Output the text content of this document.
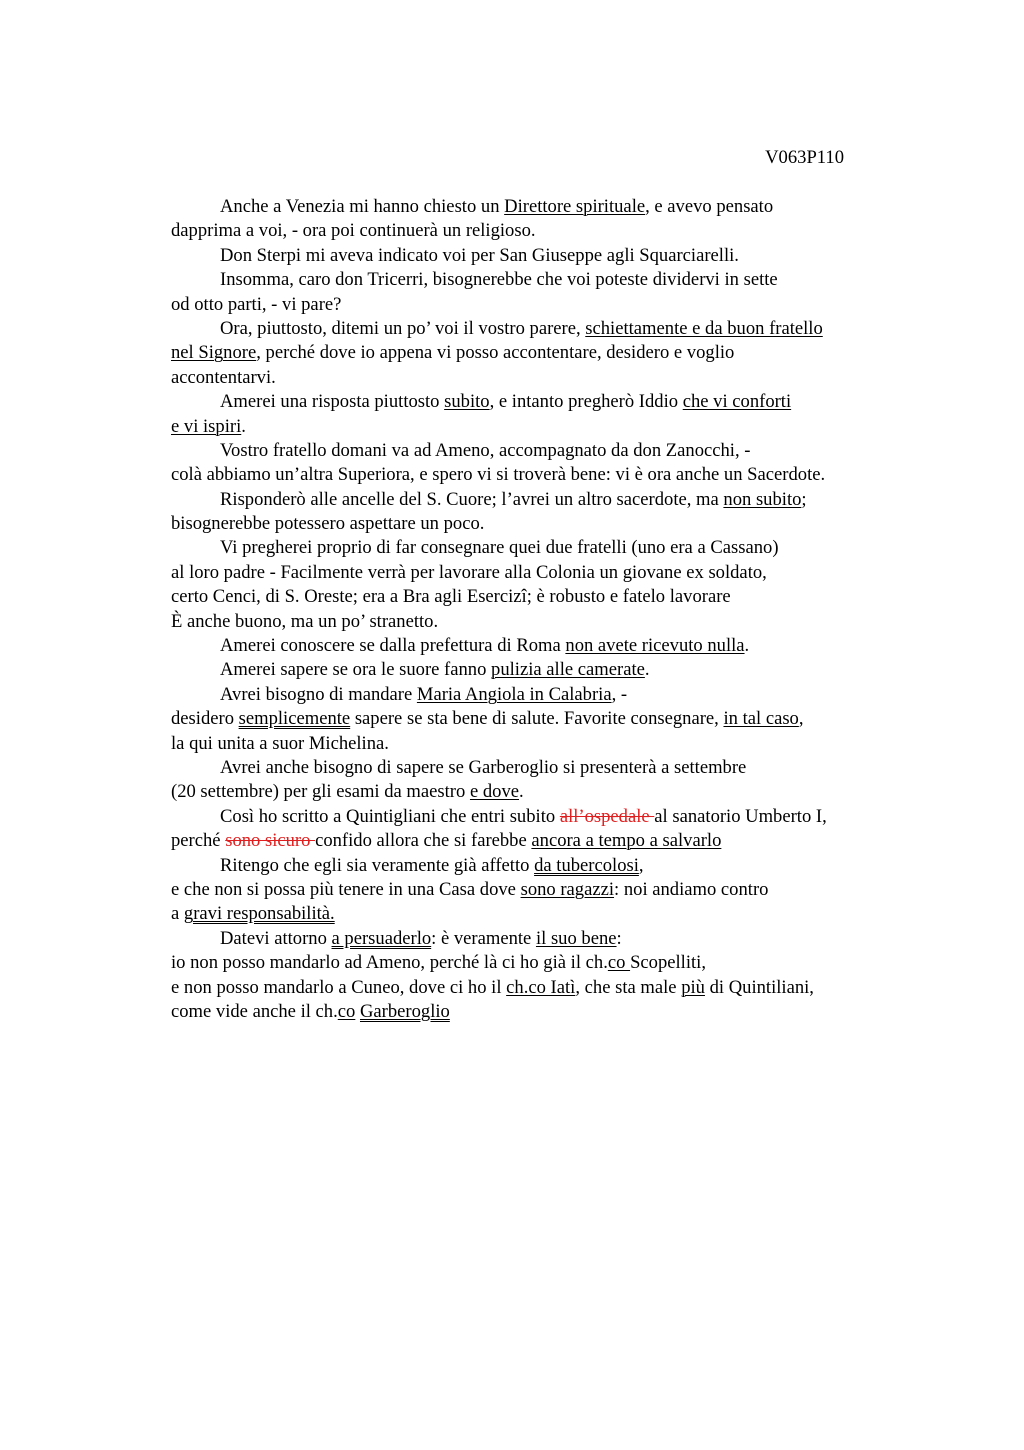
V063P110
Anche a Venezia mi hanno chiesto un Direttore spirituale, e avevo pensato
dapprima a voi, - ora poi continuerà un religioso.
Don Sterpi mi aveva indicato voi per San Giuseppe agli Squarciarelli.
Insomma, caro don Tricerri, bisognerebbe che voi poteste dividervi in sette
od otto parti, - vi pare?
Ora, piuttosto, ditemi un po’ voi il vostro parere, schiettamente e da buon fratello
nel Signore, perché dove io appena vi posso accontentare, desidero e voglio
accontentarvi.
Amerei una risposta piuttosto subito, e intanto pregherò Iddio che vi conforti
e vi ispiri.
Vostro fratello domani va ad Ameno, accompagnato da don Zanocchi, -
colà abbiamo un’altra Superiora, e spero vi si troverà bene: vi è ora anche un Sacerdote.
Risponderò alle ancelle del S. Cuore; l’avrei un altro sacerdote, ma non subito;
bisognerebbe potessero aspettare un poco.
Vi pregherei proprio di far consegnare quei due fratelli (uno era a Cassano)
al loro padre - Facilmente verrà per lavorare alla Colonia un giovane ex soldato,
certo Cenci, di S. Oreste; era a Bra agli Esercizi; è robusto e fatelo lavorare
È anche buono, ma un po’ stranetto.
Amerei conoscere se dalla prefettura di Roma non avete ricevuto nulla.
Amerei sapere se ora le suore fanno pulizia alle camerate.
Avrei bisogno di mandare Maria Angiola in Calabria, -
desidero semplicemente sapere se sta bene di salute. Favorite consegnare, in tal caso,
la qui unita a suor Michelina.
Avrei anche bisogno di sapere se Garberoglio si presenterà a settembre
(20 settembre) per gli esami da maestro e dove.
Così ho scritto a Quintigliani che entri subito all’ospedale al sanatorio Umberto I,
perché sono sicuro confido allora che si farebbe ancora a tempo a salvarlo
Ritengo che egli sia veramente già affetto da tubercolosi,
e che non si possa più tenere in una Casa dove sono ragazzi: noi andiamo contro
a gravi responsabilità.
Datevi attorno a persuaderlo: è veramente il suo bene:
io non posso mandarlo ad Ameno, perché là ci ho già il ch.co Scopelliti,
e non posso mandarlo a Cuneo, dove ci ho il ch.co Iatì, che sta male più di Quintiliani,
come vide anche il ch.co Garberoglio
